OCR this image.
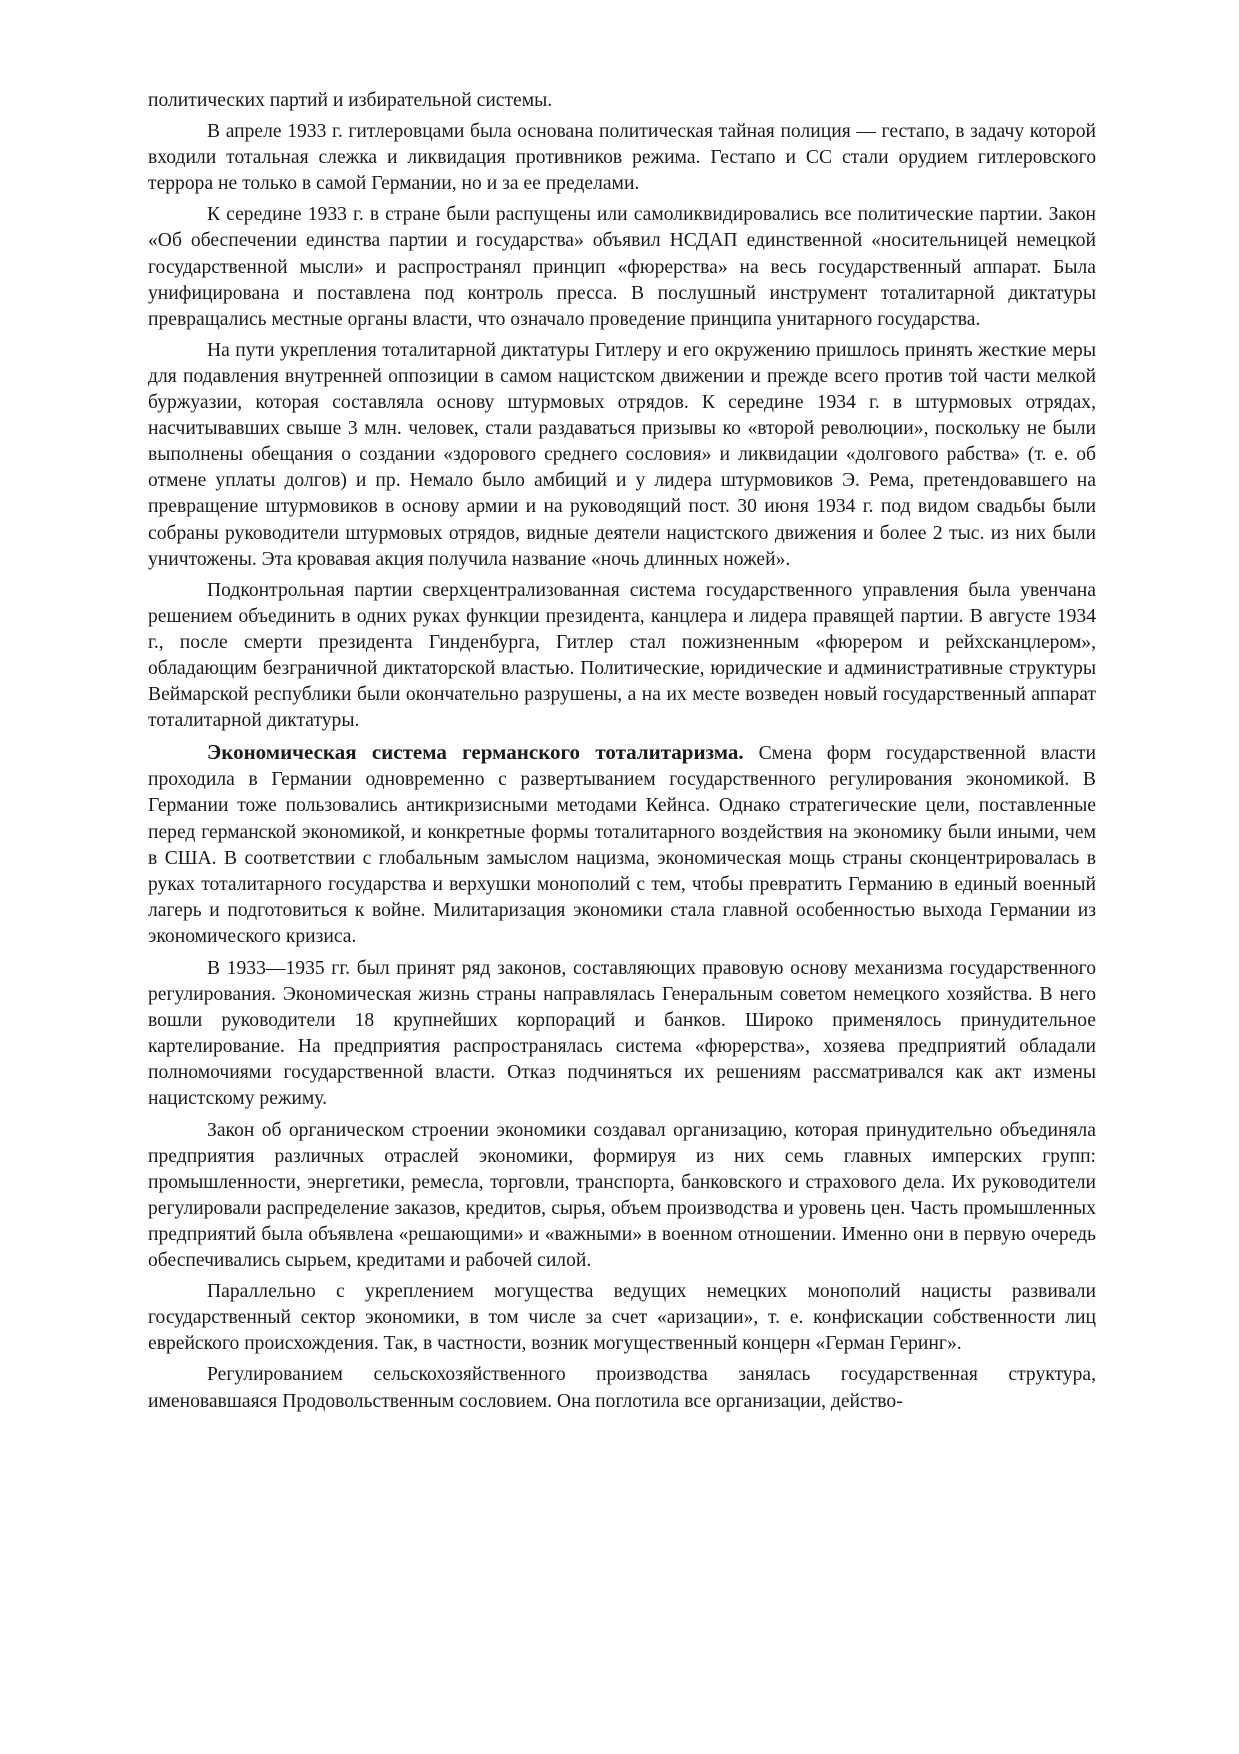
политических партий и избирательной системы.

В апреле 1933 г. гитлеровцами была основана политическая тайная полиция — гестапо, в задачу которой входили тотальная слежка и ликвидация противников режима. Гестапо и СС стали орудием гитлеровского террора не только в самой Германии, но и за ее пределами.

К середине 1933 г. в стране были распущены или самоликвидировались все политические партии. Закон «Об обеспечении единства партии и государства» объявил НСДАП единственной «носительницей немецкой государственной мысли» и распространял принцип «фюрерства» на весь государственный аппарат. Была унифицирована и поставлена под контроль пресса. В послушный инструмент тоталитарной диктатуры превращались местные органы власти, что означало проведение принципа унитарного государства.

На пути укрепления тоталитарной диктатуры Гитлеру и его окружению пришлось принять жесткие меры для подавления внутренней оппозиции в самом нацистском движении и прежде всего против той части мелкой буржуазии, которая составляла основу штурмовых отрядов. К середине 1934 г. в штурмовых отрядах, насчитывавших свыше 3 млн. человек, стали раздаваться призывы ко «второй революции», поскольку не были выполнены обещания о создании «здорового среднего сословия» и ликвидации «долгового рабства» (т. е. об отмене уплаты долгов) и пр. Немало было амбиций и у лидера штурмовиков Э. Рема, претендовавшего на превращение штурмовиков в основу армии и на руководящий пост. 30 июня 1934 г. под видом свадьбы были собраны руководители штурмовых отрядов, видные деятели нацистского движения и более 2 тыс. из них были уничтожены. Эта кровавая акция получила название «ночь длинных ножей».

Подконтрольная партии сверхцентрализованная система государственного управления была увенчана решением объединить в одних руках функции президента, канцлера и лидера правящей партии. В августе 1934 г., после смерти президента Гинденбурга, Гитлер стал пожизненным «фюрером и рейхсканцлером», обладающим безграничной диктаторской властью. Политические, юридические и административные структуры Веймарской республики были окончательно разрушены, а на их месте возведен новый государственный аппарат тоталитарной диктатуры.

Экономическая система германского тоталитаризма. Смена форм государственной власти проходила в Германии одновременно с развертыванием государственного регулирования экономикой. В Германии тоже пользовались антикризисными методами Кейнса. Однако стратегические цели, поставленные перед германской экономикой, и конкретные формы тоталитарного воздействия на экономику были иными, чем в США. В соответствии с глобальным замыслом нацизма, экономическая мощь страны сконцентрировалась в руках тоталитарного государства и верхушки монополий с тем, чтобы превратить Германию в единый военный лагерь и подготовиться к войне. Милитаризация экономики стала главной особенностью выхода Германии из экономического кризиса.

В 1933—1935 гг. был принят ряд законов, составляющих правовую основу механизма государственного регулирования. Экономическая жизнь страны направлялась Генеральным советом немецкого хозяйства. В него вошли руководители 18 крупнейших корпораций и банков. Широко применялось принудительное картелирование. На предприятия распространялась система «фюрерства», хозяева предприятий обладали полномочиями государственной власти. Отказ подчиняться их решениям рассматривался как акт измены нацистскому режиму.

Закон об органическом строении экономики создавал организацию, которая принудительно объединяла предприятия различных отраслей экономики, формируя из них семь главных имперских групп: промышленности, энергетики, ремесла, торговли, транспорта, банковского и страхового дела. Их руководители регулировали распределение заказов, кредитов, сырья, объем производства и уровень цен. Часть промышленных предприятий была объявлена «решающими» и «важными» в военном отношении. Именно они в первую очередь обеспечивались сырьем, кредитами и рабочей силой.

Параллельно с укреплением могущества ведущих немецких монополий нацисты развивали государственный сектор экономики, в том числе за счет «аризации», т. е. конфискации собственности лиц еврейского происхождения. Так, в частности, возник могущественный концерн «Герман Геринг».

Регулированием сельскохозяйственного производства занялась государственная структура, именовавшаяся Продовольственным сословием. Она поглотила все организации, действо-
